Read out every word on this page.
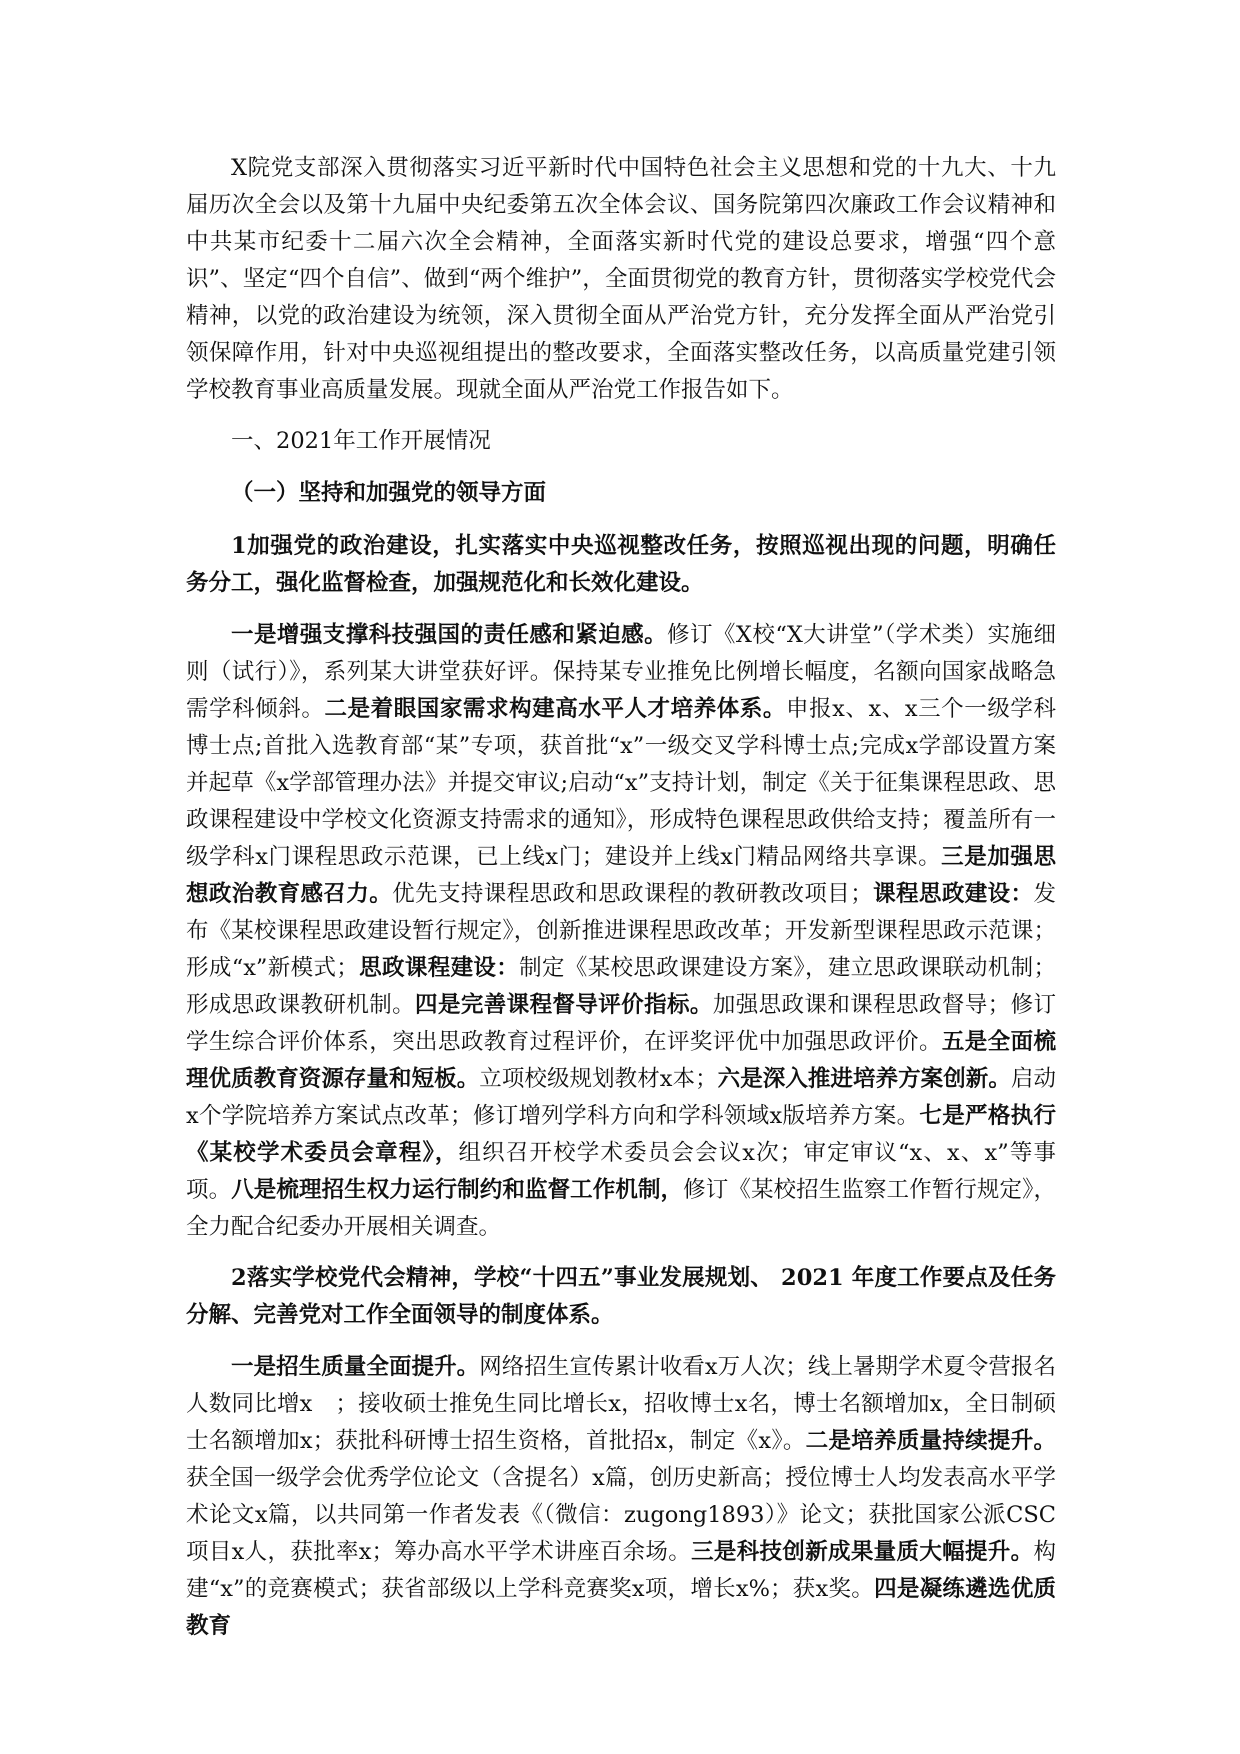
X院党支部深入贯彻落实习近平新时代中国特色社会主义思想和党的十九大、十九届历次全会以及第十九届中央纪委第五次全体会议、国务院第四次廉政工作会议精神和中共某市纪委十二届六次全会精神，全面落实新时代党的建设总要求，增强“四个意识”、坚定“四个自信”、做到“两个维护”，全面贯彻党的教育方针，贯彻落实学校党代会精神，以党的政治建设为统领，深入贯彻全面从严治党方针，充分发挥全面从严治党引领保障作用，针对中央巡视组提出的整改要求，全面落实整改任务，以高质量党建引领学校教育事业高质量发展。现就全面从严治党工作报告如下。

一、2021年工作开展情况

（一）坚持和加强党的领导方面

1加强党的政治建设，扎实落实中央巡视整改任务，按照巡视出现的问题，明确任务分工，强化监督检查，加强规范化和长效化建设。

一是增强支撑科技强国的责任感和紧迫感。修订《X校“X大讲堂”（学术类）实施细则（试行）》，系列某大讲堂获好评。保持某专业推免比例增长幅度，名额向国家战略急需学科倾斜。二是着眼国家需求构建高水平人才培养体系。申报x、x、x三个一级学科博士点;首批入选教育部“某”专项，获首批“x”一级交叉学科博士点;完成x学部设置方案并起草《x学部管理办法》并提交审议;启动“x”支持计划，制定《关于征集课程思政、思政课程建设中学校文化资源支持需求的通知》，形成特色课程思政供给支持；覆盖所有一级学科x门课程思政示范课，已上线x门；建设并上线x门精品网络共享课。三是加强思想政治教育感召力。优先支持课程思政和思政课程的教研教改项目；课程思政建设：发布《某校课程思政建设暂行规定》，创新推进课程思政改革；开发新型课程思政示范课；形成“x”新模式；思政课程建设：制定《某校思政课建设方案》，建立思政课联动机制；形成思政课教研机制。四是完善课程督导评价指标。加强思政课和课程思政督导；修订学生综合评价体系，突出思政教育过程评价，在评奖评优中加强思政评价。五是全面梳理优质教育资源存量和短板。立项校级规划教材x本；六是深入推进培养方案创新。启动x个学院培养方案试点改革；修订增列学科方向和学科领域x版培养方案。七是严格执行《某校学术委员会章程》，组织召开校学术委员会会议x次；审定审议“x、x、x”等事项。八是梳理招生权力运行制约和监督工作机制，修订《某校招生监察工作暂行规定》，全力配合纪委办开展相关调查。

2落实学校党代会精神，学校“十四五”事业发展规划、 2021 年度工作要点及任务分解、完善党对工作全面领导的制度体系。

一是招生质量全面提升。网络招生宣传累计收看x万人次；线上暑期学术夏令营报名人数同比增x　；接收硕士推免生同比增长x，招收博士x名，博士名额增加x，全日制硕士名额增加x；获批科研博士招生资格，首批招x，制定《x》。二是培养质量持续提升。获全国一级学会优秀学位论文（含提名）x篇，创历史新高；授位博士人均发表高水平学术论文x篇，以共同第一作者发表《（微信：zugong1893）》论文；获批国家公派CSC项目x人，获批率x；筹办高水平学术讲座百余场。三是科技创新成果量质大幅提升。构建“x”的竞赛模式；获省部级以上学科竞赛奖x项，增长x%；获x奖。四是凝练遴选优质教育
